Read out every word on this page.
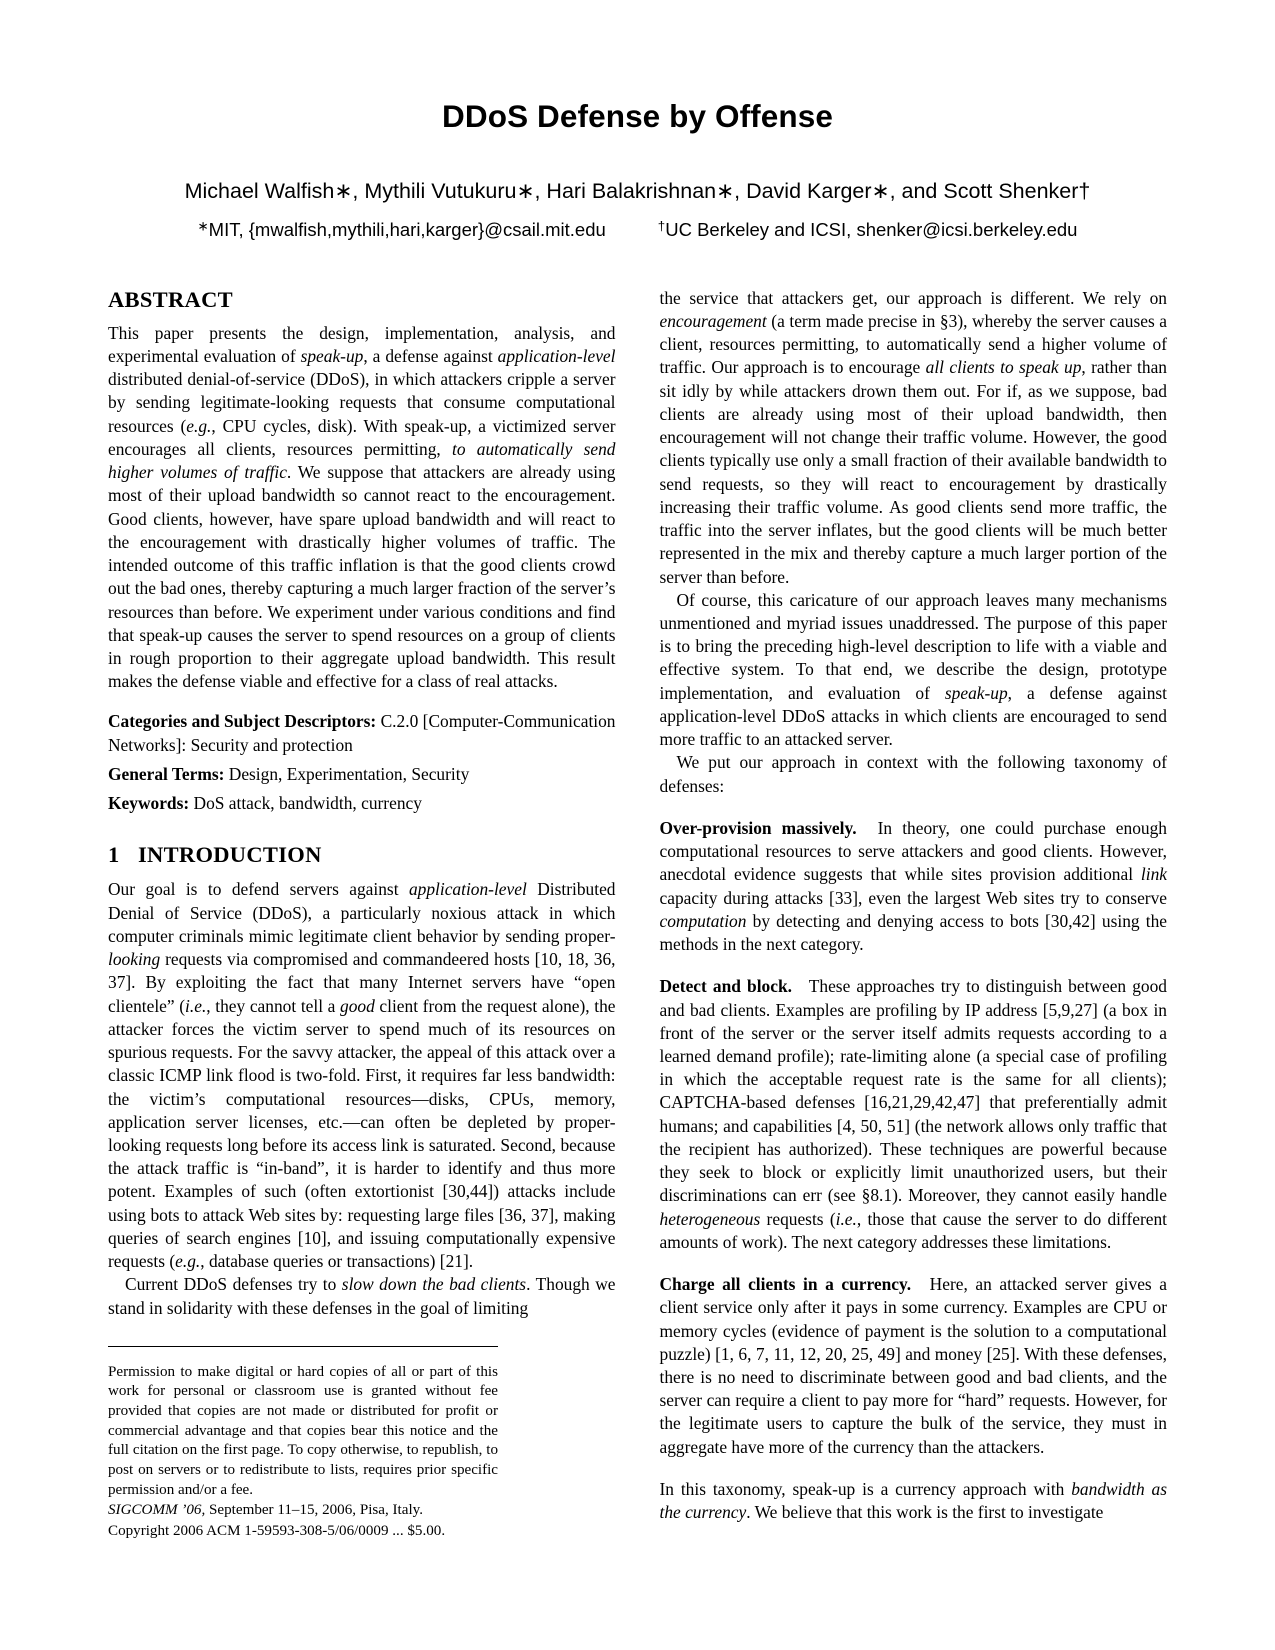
DDoS Defense by Offense
Michael Walfish∗, Mythili Vutukuru∗, Hari Balakrishnan∗, David Karger∗, and Scott Shenker†
∗MIT, {mwalfish,mythili,hari,karger}@csail.mit.edu	†UC Berkeley and ICSI, shenker@icsi.berkeley.edu
ABSTRACT

This paper presents the design, implementation, analysis, and experimental evaluation of speak-up, a defense against application-level distributed denial-of-service (DDoS), in which attackers cripple a server by sending legitimate-looking requests that consume computational resources (e.g., CPU cycles, disk). With speak-up, a victimized server encourages all clients, resources permitting, to automatically send higher volumes of traffic. We suppose that attackers are already using most of their upload bandwidth so cannot react to the encouragement. Good clients, however, have spare upload bandwidth and will react to the encouragement with drastically higher volumes of traffic. The intended outcome of this traffic inflation is that the good clients crowd out the bad ones, thereby capturing a much larger fraction of the server’s resources than before. We experiment under various conditions and find that speak-up causes the server to spend resources on a group of clients in rough proportion to their aggregate upload bandwidth. This result makes the defense viable and effective for a class of real attacks.

Categories and Subject Descriptors: C.2.0 [Computer-Communication Networks]: Security and protection

General Terms: Design, Experimentation, Security

Keywords: DoS attack, bandwidth, currency

1 INTRODUCTION

Our goal is to defend servers against application-level Distributed Denial of Service (DDoS), a particularly noxious attack in which computer criminals mimic legitimate client behavior by sending proper-looking requests via compromised and commandeered hosts [10, 18, 36, 37]. By exploiting the fact that many Internet servers have “open clientele” (i.e., they cannot tell a good client from the request alone), the attacker forces the victim server to spend much of its resources on spurious requests. For the savvy attacker, the appeal of this attack over a classic ICMP link flood is two-fold. First, it requires far less bandwidth: the victim’s computational resources—disks, CPUs, memory, application server licenses, etc.—can often be depleted by proper-looking requests long before its access link is saturated. Second, because the attack traffic is “in-band”, it is harder to identify and thus more potent. Examples of such (often extortionist [30,44]) attacks include using bots to attack Web sites by: requesting large files [36, 37], making queries of search engines [10], and issuing computationally expensive requests (e.g., database queries or transactions) [21].

Current DDoS defenses try to slow down the bad clients. Though we stand in solidarity with these defenses in the goal of limiting

Permission to make digital or hard copies of all or part of this work for personal or classroom use is granted without fee provided that copies are not made or distributed for profit or commercial advantage and that copies bear this notice and the full citation on the first page. To copy otherwise, to republish, to post on servers or to redistribute to lists, requires prior specific permission and/or a fee.

SIGCOMM ’06, September 11–15, 2006, Pisa, Italy.

Copyright 2006 ACM 1-59593-308-5/06/0009 ... $5.00.

the service that attackers get, our approach is different. We rely on encouragement (a term made precise in §3), whereby the server causes a client, resources permitting, to automatically send a higher volume of traffic. Our approach is to encourage all clients to speak up, rather than sit idly by while attackers drown them out. For if, as we suppose, bad clients are already using most of their upload bandwidth, then encouragement will not change their traffic volume. However, the good clients typically use only a small fraction of their available bandwidth to send requests, so they will react to encouragement by drastically increasing their traffic volume. As good clients send more traffic, the traffic into the server inflates, but the good clients will be much better represented in the mix and thereby capture a much larger portion of the server than before.

Of course, this caricature of our approach leaves many mechanisms unmentioned and myriad issues unaddressed. The purpose of this paper is to bring the preceding high-level description to life with a viable and effective system. To that end, we describe the design, prototype implementation, and evaluation of speak-up, a defense against application-level DDoS attacks in which clients are encouraged to send more traffic to an attacked server.

We put our approach in context with the following taxonomy of defenses:

Over-provision massively. In theory, one could purchase enough computational resources to serve attackers and good clients. However, anecdotal evidence suggests that while sites provision additional link capacity during attacks [33], even the largest Web sites try to conserve computation by detecting and denying access to bots [30,42] using the methods in the next category.

Detect and block. These approaches try to distinguish between good and bad clients. Examples are profiling by IP address [5,9,27] (a box in front of the server or the server itself admits requests according to a learned demand profile); rate-limiting alone (a special case of profiling in which the acceptable request rate is the same for all clients); CAPTCHA-based defenses [16,21,29,42,47] that preferentially admit humans; and capabilities [4, 50, 51] (the network allows only traffic that the recipient has authorized). These techniques are powerful because they seek to block or explicitly limit unauthorized users, but their discriminations can err (see §8.1). Moreover, they cannot easily handle heterogeneous requests (i.e., those that cause the server to do different amounts of work). The next category addresses these limitations.

Charge all clients in a currency. Here, an attacked server gives a client service only after it pays in some currency. Examples are CPU or memory cycles (evidence of payment is the solution to a computational puzzle) [1, 6, 7, 11, 12, 20, 25, 49] and money [25]. With these defenses, there is no need to discriminate between good and bad clients, and the server can require a client to pay more for “hard” requests. However, for the legitimate users to capture the bulk of the service, they must in aggregate have more of the currency than the attackers.

In this taxonomy, speak-up is a currency approach with bandwidth as the currency. We believe that this work is the first to investigate
